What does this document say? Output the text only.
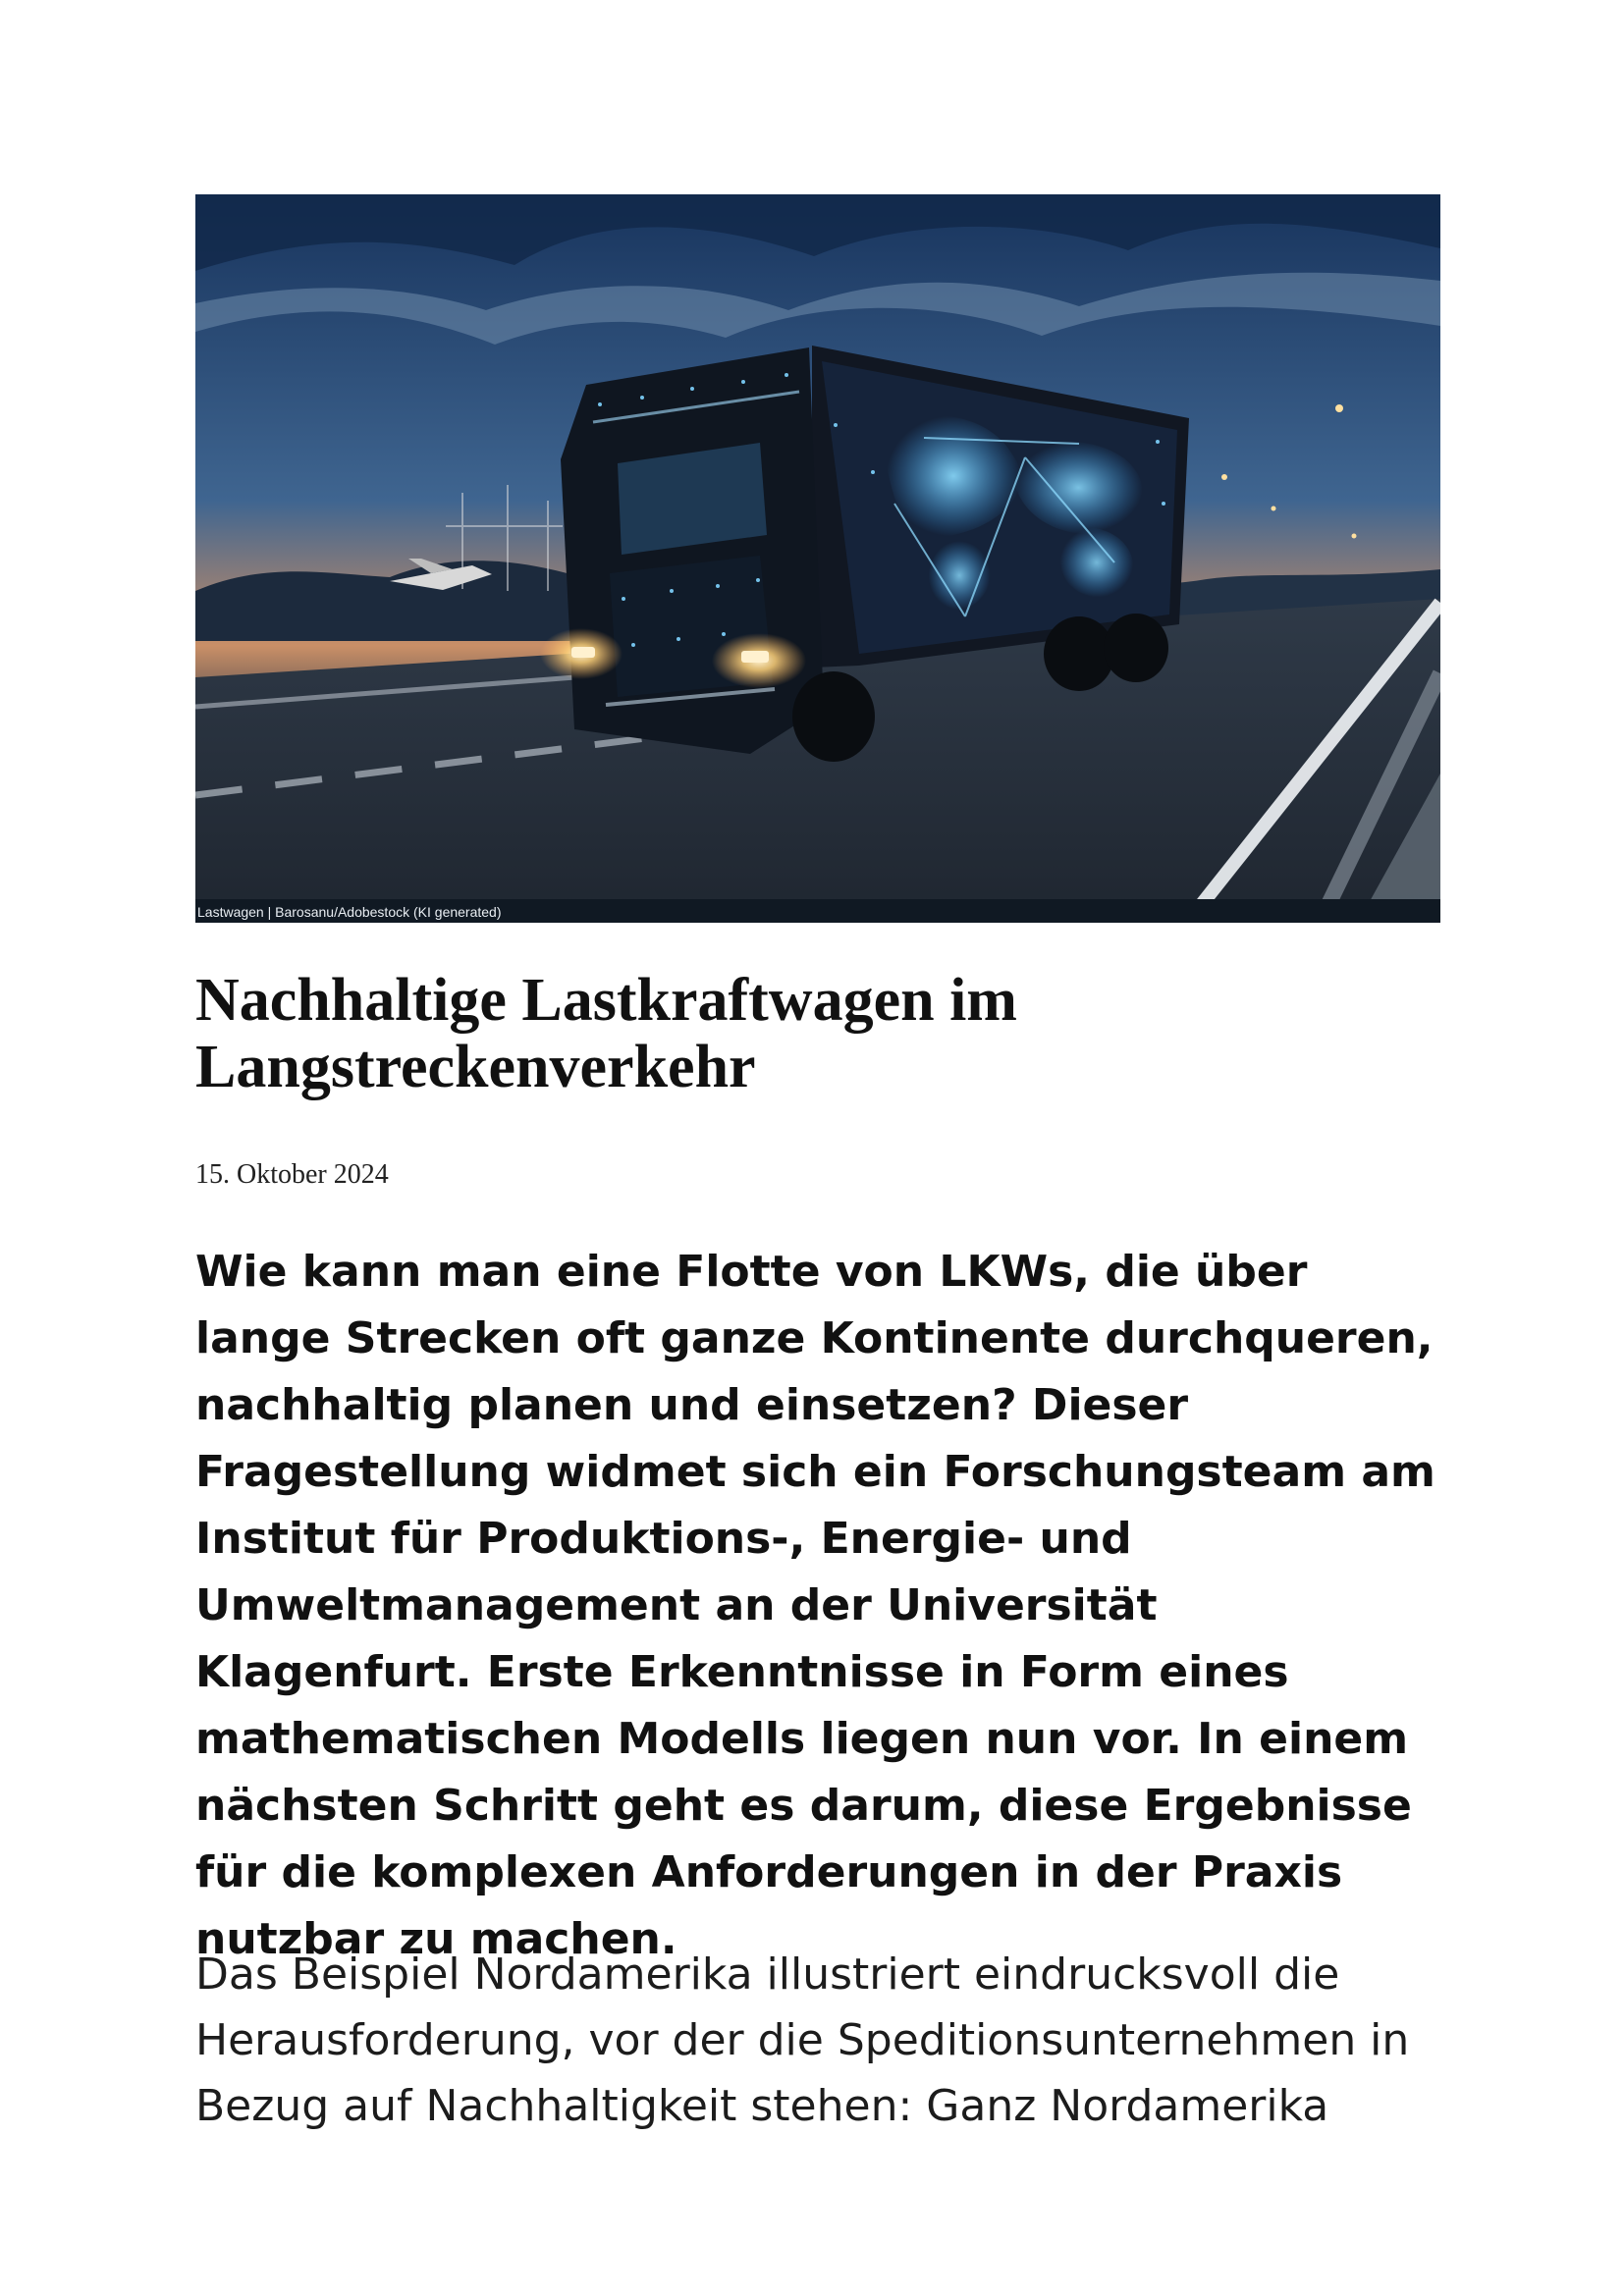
Lastwagen | Barosanu/Adobestock (KI generated)
Nachhaltige Lastkraftwagen im Langstreckenverkehr

15. Oktober 2024

Wie kann man eine Flotte von LKWs, die über lange Strecken oft ganze Kontinente durchqueren, nachhaltig planen und einsetzen? Dieser Fragestellung widmet sich ein Forschungsteam am Institut für Produktions-, Energie- und Umweltmanagement an der Universität Klagenfurt. Erste Erkenntnisse in Form eines mathematischen Modells liegen nun vor. In einem nächsten Schritt geht es darum, diese Ergebnisse für die komplexen Anforderungen in der Praxis nutzbar zu machen.

Das Beispiel Nordamerika illustriert eindrucksvoll die Herausforderung, vor der die Speditionsunternehmen in Bezug auf Nachhaltigkeit stehen: Ganz Nordamerika
